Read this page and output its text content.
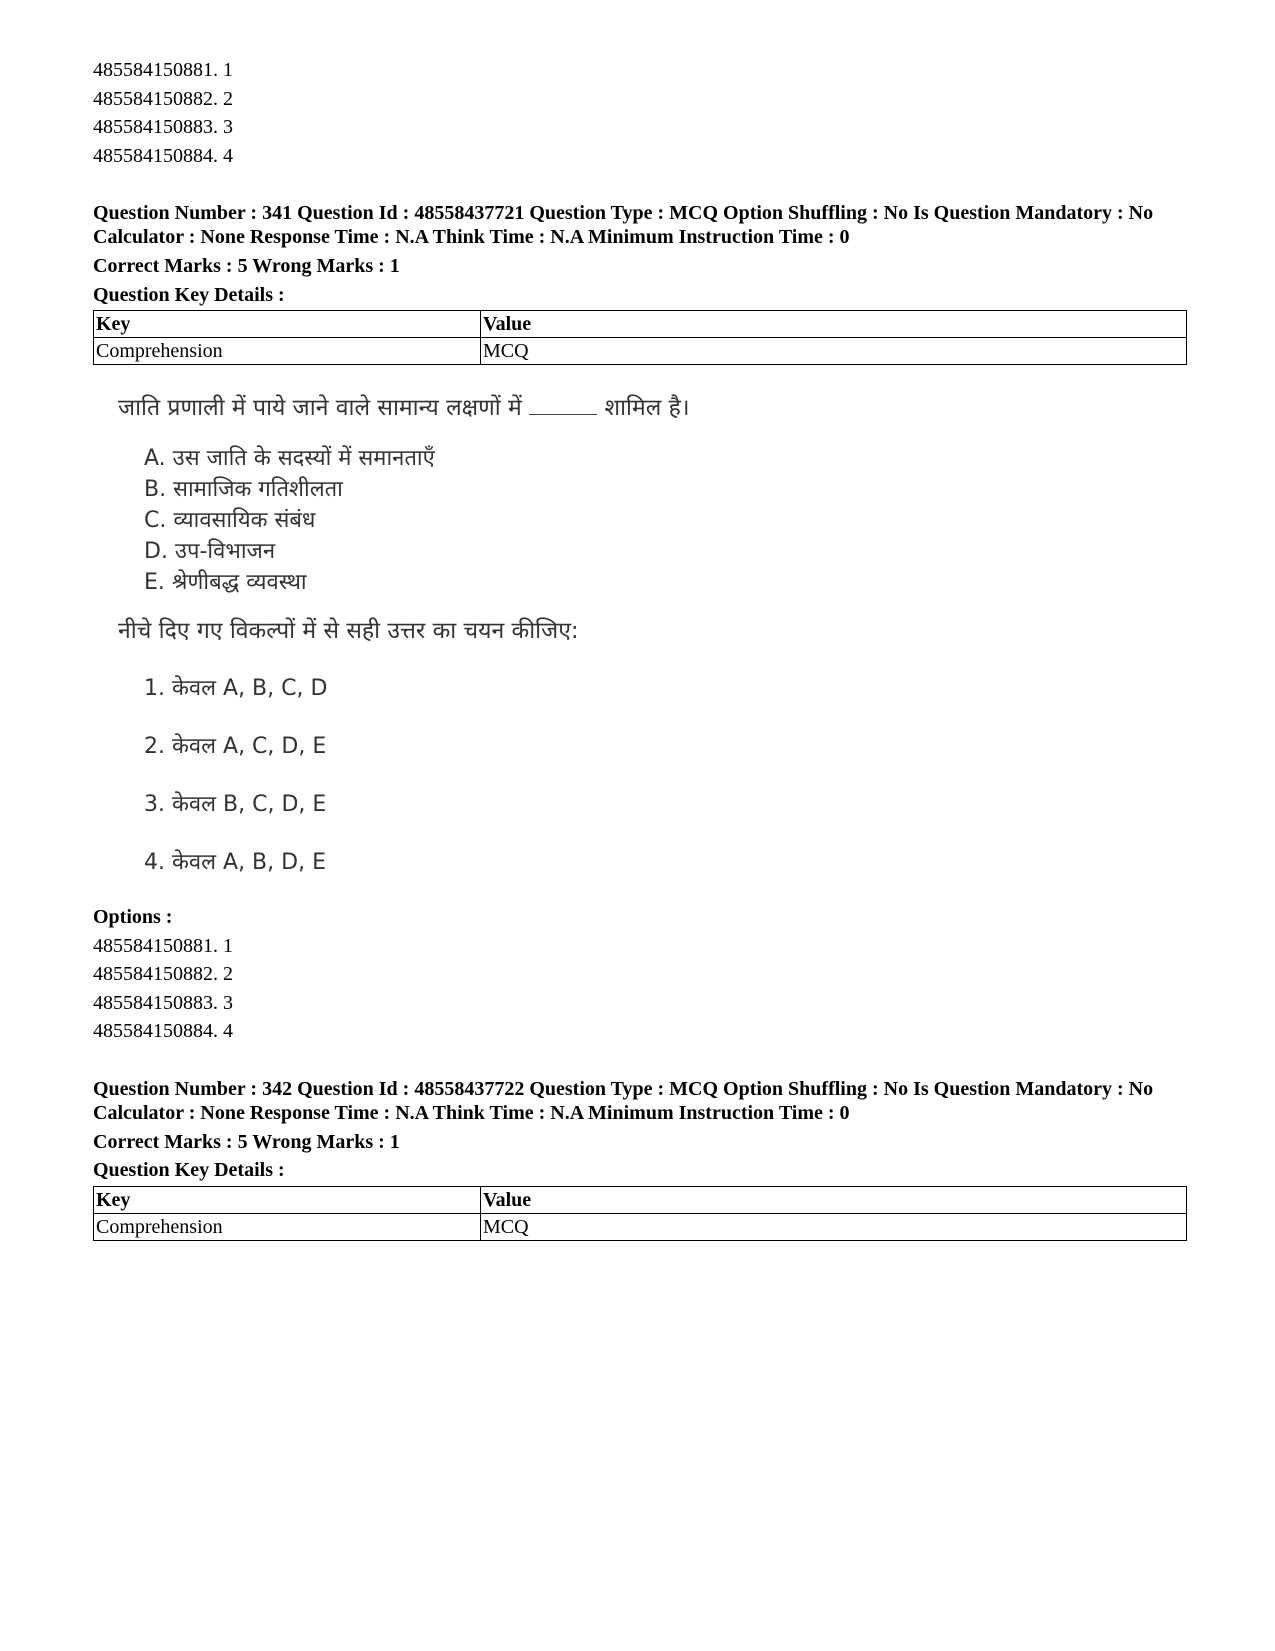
485584150881. 1
485584150882. 2
485584150883. 3
485584150884. 4
Question Number : 341 Question Id : 48558437721 Question Type : MCQ Option Shuffling : No Is Question Mandatory : No Calculator : None Response Time : N.A Think Time : N.A Minimum Instruction Time : 0
Correct Marks : 5 Wrong Marks : 1
Question Key Details :
Key	Value
Comprehension	MCQ
जाति प्रणाली में पाये जाने वाले सामान्य लक्षणों में	शामिल है।
A. उस जाति के सदस्यों में समानताएँ
B. सामाजिक गतिशीलता
C. व्यावसायिक संबंध
D. उप-विभाजन
E. श्रेणीबद्ध व्यवस्था
नीचे दिए गए विकल्पों में से सही उत्तर का चयन कीजिए:
1. केवल A, B, C, D
2. केवल A, C, D, E
3. केवल B, C, D, E
4. केवल A, B, D, E
Options :
485584150881. 1
485584150882. 2
485584150883. 3
485584150884. 4
Question Number : 342 Question Id : 48558437722 Question Type : MCQ Option Shuffling : No Is Question Mandatory : No Calculator : None Response Time : N.A Think Time : N.A Minimum Instruction Time : 0
Correct Marks : 5 Wrong Marks : 1
Question Key Details :
Key	Value
Comprehension	MCQ
